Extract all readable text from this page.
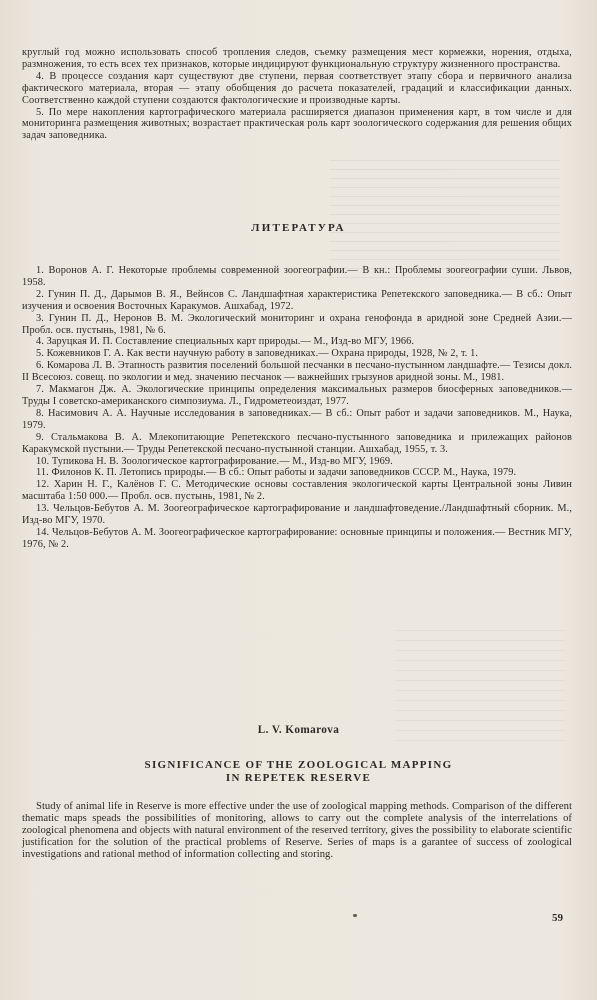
круглый год можно использовать способ тропления следов, съемку размещения мест кормежки, норения, отдыха, размножения, то есть всех тех признаков, которые индицируют функциональную структуру жизненного пространства.

4. В процессе создания карт существуют две ступени, первая соответствует этапу сбора и первичного анализа фактического материала, вторая — этапу обобщения до расчета показателей, градаций и классификации данных. Соответственно каждой ступени создаются фактологические и производные карты.

5. По мере накопления картографического материала расширяется диапазон применения карт, в том числе и для мониторинга размещения животных; возрастает практическая роль карт зоологического содержания для решения общих задач заповедника.

ЛИТЕРАТУРА

1. Воронов А. Г. Некоторые проблемы современной зоогеографии.— В кн.: Проблемы зоогеографии суши. Львов, 1958.

2. Гунин П. Д., Дарымов В. Я., Вейнсов С. Ландшафтная характеристика Репетекского заповедника.— В сб.: Опыт изучения и освоения Восточных Каракумов. Ашхабад, 1972.

3. Гунин П. Д., Неронов В. М. Экологический мониторинг и охрана генофонда в аридной зоне Средней Азии.— Пробл. осв. пустынь, 1981, № 6.

4. Заруцкая И. П. Составление специальных карт природы.— М., Изд-во МГУ, 1966.

5. Кожевников Г. А. Как вести научную работу в заповедниках.— Охрана природы, 1928, № 2, т. 1.

6. Комарова Л. В. Этапность развития поселений большой песчанки в песчано-пустынном ландшафте.— Тезисы докл. II Всесоюз. совещ. по экологии и мед. значению песчанок — важнейших грызунов аридной зоны. М., 1981.

7. Макмагон Дж. А. Экологические принципы определения максимальных размеров биосферных заповедников.— Труды I советско-американского симпозиума. Л., Гидрометеоиздат, 1977.

8. Насимович А. А. Научные исследования в заповедниках.— В сб.: Опыт работ и задачи заповедников. М., Наука, 1979.

9. Стальмакова В. А. Млекопитающие Репетекского песчано-пустынного заповедника и прилежащих районов Каракумской пустыни.— Труды Репетекской песчано-пустынной станции. Ашхабад, 1955, т. 3.

10. Тупикова Н. В. Зоологическое картографирование.— М., Изд-во МГУ, 1969.

11. Филонов К. П. Летопись природы.— В сб.: Опыт работы и задачи заповедников СССР. М., Наука, 1979.

12. Харин Н. Г., Калёнов Г. С. Методические основы составления экологической карты Центральной зоны Ливин масштаба 1:50 000.— Пробл. осв. пустынь, 1981, № 2.

13. Чельцов-Бебутов А. М. Зоогеографическое картографирование и ландшафтоведение./Ландшафтный сборник. М., Изд-во МГУ, 1970.

14. Чельцов-Бебутов А. М. Зоогеографическое картографирование: основные принципы и положения.— Вестник МГУ, 1976, № 2.

L. V. Komarova
SIGNIFICANCE OF THE ZOOLOGICAL MAPPING
IN REPETEK RESERVE

Study of animal life in Reserve is more effective under the use of zoological mapping methods. Comparison of the different thematic maps speads the possibilities of monitoring, allows to carry out the complete analysis of the interrelations of zoological phenomena and objects with natural environment of the reserved territory, gives the possibility to elaborate scientific justification for the solution of the practical problems of Reserve. Series of maps is a garantee of success of zoological investigations and rational method of information collecting and storing.

59
